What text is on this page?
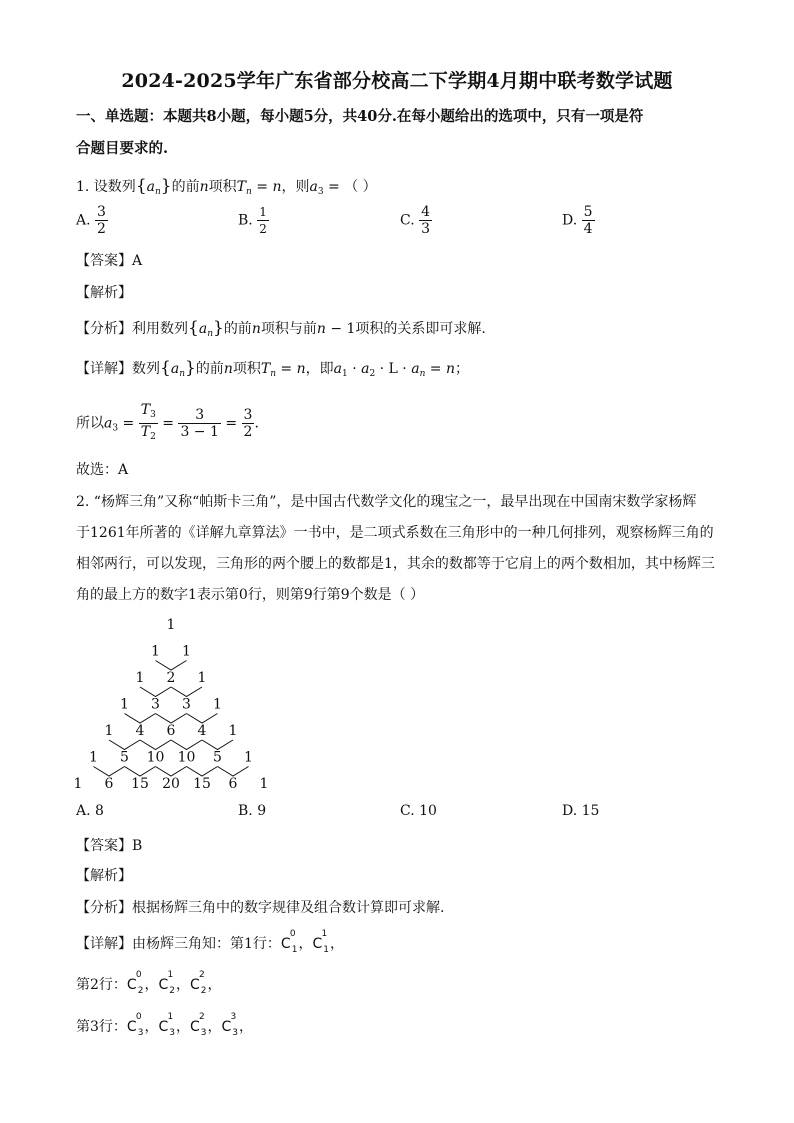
2024-2025学年广东省部分校高二下学期4月期中联考数学试题
一、单选题：本题共8小题，每小题5分，共40分.在每小题给出的选项中，只有一项是符
合题目要求的.
1. 设数列$\{a_n\}$的前n项积$T_n = n$，则$a_3$ = （ ）
A. $\frac{3}{2}$	B. $\frac{1}{2}$	C. $\frac{4}{3}$	D. $\frac{5}{4}$
【答案】A
【解析】
【分析】利用数列$\{a_n\}$的前n项积与前n − 1项积的关系即可求解.
【详解】数列$\{a_n\}$的前n项积$T_n = n$，即$a_1 \cdot a_2 \cdot L \cdot a_n = n$；
所以$a_3 = \frac{T_3}{T_2} = \frac{3}{3 - 1} = \frac{3}{2}$ .
故选：A
2. “杨辉三角”又称“帕斯卡三角”，是中国古代数学文化的瑰宝之一，最早出现在中国南宋数学家杨辉
于1261年所著的《详解九章算法》一书中，是二项式系数在三角形中的一种几何排列，观察杨辉三角的
相邻两行，可以发现，三角形的两个腰上的数都是1，其余的数都等于它肩上的两个数相加，其中杨辉三
角的最上方的数字1表示第0行，则第9行第9个数是（ ）
1
1 1
1 2 1
1 3 3 1
1 4 6 4 1
1 5 10 10 5 1
1 6 15 20 15 6 1
A. 8	B. 9	C. 10	D. 15
【答案】B
【解析】
【分析】根据杨辉三角中的数字规律及组合数计算即可求解.
【详解】由杨辉三角知：第1行：C
0
$_1$，C
1
$_1$，
第2行：C
0
$_2$，C
1
$_2$，C
2
$_2$，
第3行：C
0
$_3$，C
1
$_3$，C
2
$_3$，C
3
$_3$，
